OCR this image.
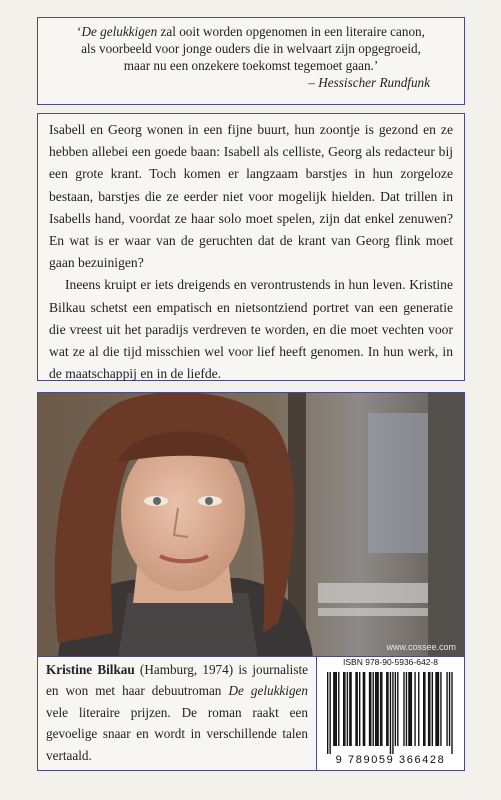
‘De gelukkigen zal ooit worden opgenomen in een literaire canon,
als voorbeeld voor jonge ouders die in welvaart zijn opgegroeid,
maar nu een onzekere toekomst tegemoet gaan.’
– Hessischer Rundfunk

Isabell en Georg wonen in een fijne buurt, hun zoontje is gezond en ze hebben allebei een goede baan: Isabell als celliste, Georg als redacteur bij een grote krant. Toch komen er langzaam barstjes in hun zorgeloze bestaan, barstjes die ze eerder niet voor mogelijk hielden. Dat trillen in Isabells hand, voordat ze haar solo moet spelen, zijn dat enkel zenuwen? En wat is er waar van de geruchten dat de krant van Georg flink moet gaan bezuinigen?

Ineens kruipt er iets dreigends en verontrustends in hun leven. Kristine Bilkau schetst een empatisch en nietsontziend portret van een generatie die vreest uit het paradijs verdreven te worden, en die moet vechten voor wat ze al die tijd misschien wel voor lief heeft genomen. In hun werk, in de maatschappij en in de liefde.

www.cossee.com
Kristine Bilkau (Hamburg, 1974) is journaliste en won met haar debuutroman De gelukkigen vele literaire prijzen. De roman raakt een gevoelige snaar en wordt in verschillende talen vertaald.
ISBN 978-90-5936-642-8
9 789059 366428
